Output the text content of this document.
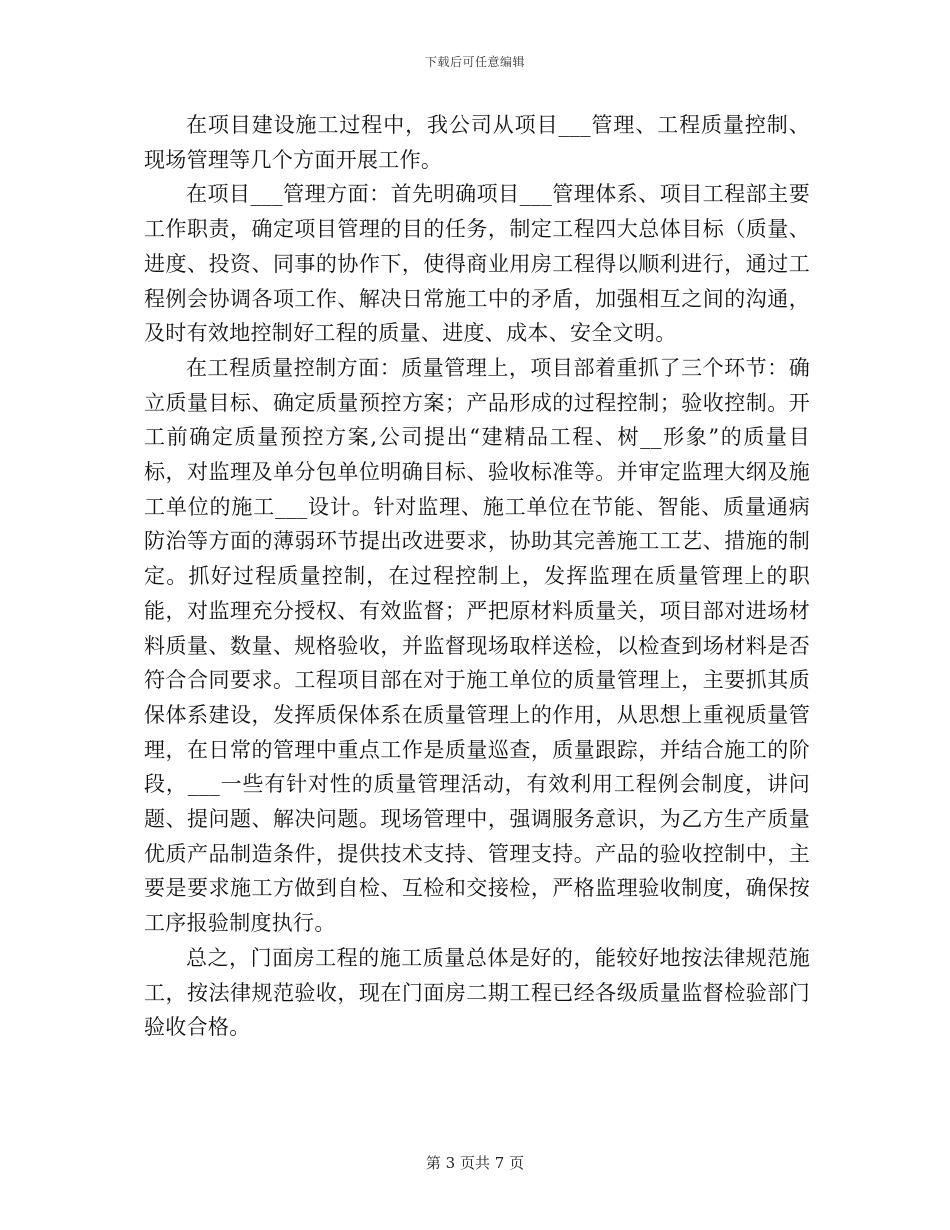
下载后可任意编辑

在项目建设施工过程中，我公司从项目___管理、工程质量控制、现场管理等几个方面开展工作。

在项目___管理方面：首先明确项目___管理体系、项目工程部主要工作职责，确定项目管理的目的任务，制定工程四大总体目标（质量、进度、投资、同事的协作下，使得商业用房工程得以顺利进行，通过工程例会协调各项工作、解决日常施工中的矛盾，加强相互之间的沟通，及时有效地控制好工程的质量、进度、成本、安全文明。

在工程质量控制方面：质量管理上，项目部着重抓了三个环节：确立质量目标、确定质量预控方案；产品形成的过程控制；验收控制。开工前确定质量预控方案,公司提出“建精品工程、树__形象”的质量目标，对监理及单分包单位明确目标、验收标准等。并审定监理大纲及施工单位的施工___设计。针对监理、施工单位在节能、智能、质量通病防治等方面的薄弱环节提出改进要求，协助其完善施工工艺、措施的制定。抓好过程质量控制，在过程控制上，发挥监理在质量管理上的职能，对监理充分授权、有效监督；严把原材料质量关，项目部对进场材料质量、数量、规格验收，并监督现场取样送检，以检查到场材料是否符合合同要求。工程项目部在对于施工单位的质量管理上，主要抓其质保体系建设，发挥质保体系在质量管理上的作用，从思想上重视质量管理，在日常的管理中重点工作是质量巡查，质量跟踪，并结合施工的阶段，___一些有针对性的质量管理活动，有效利用工程例会制度，讲问题、提问题、解决问题。现场管理中，强调服务意识，为乙方生产质量优质产品制造条件，提供技术支持、管理支持。产品的验收控制中，主要是要求施工方做到自检、互检和交接检，严格监理验收制度，确保按工序报验制度执行。

总之，门面房工程的施工质量总体是好的，能较好地按法律规范施工，按法律规范验收，现在门面房二期工程已经各级质量监督检验部门验收合格。

第 3 页共 7 页
